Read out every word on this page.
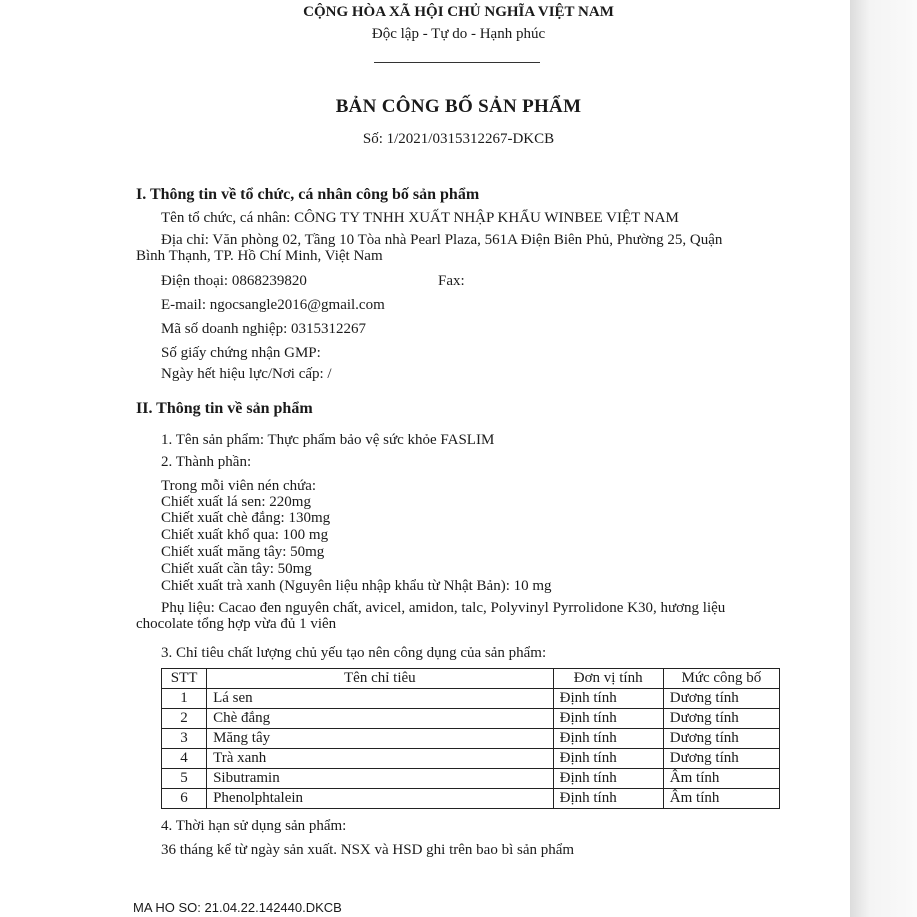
CỘNG HÒA XÃ HỘI CHỦ NGHĨA VIỆT NAM
Độc lập - Tự do - Hạnh phúc
BẢN CÔNG BỐ SẢN PHẨM
Số: 1/2021/0315312267-DKCB
I. Thông tin về tổ chức, cá nhân công bố sản phẩm
Tên tổ chức, cá nhân: CÔNG TY TNHH XUẤT NHẬP KHẨU WINBEE VIỆT NAM
Địa chỉ: Văn phòng 02, Tầng 10 Tòa nhà Pearl Plaza, 561A Điện Biên Phủ, Phường 25, Quận
Bình Thạnh, TP. Hồ Chí Minh, Việt Nam
Điện thoại: 0868239820	Fax:
E-mail: ngocsangle2016@gmail.com
Mã số doanh nghiệp: 0315312267
Số giấy chứng nhận GMP:
Ngày hết hiệu lực/Nơi cấp: /
II. Thông tin về sản phẩm
1. Tên sản phẩm: Thực phẩm bảo vệ sức khỏe FASLIM
2. Thành phần:
Trong mỗi viên nén chứa:
Chiết xuất lá sen: 220mg
Chiết xuất chè đắng: 130mg
Chiết xuất khổ qua: 100 mg
Chiết xuất măng tây: 50mg
Chiết xuất cần tây: 50mg
Chiết xuất trà xanh (Nguyên liệu nhập khẩu từ Nhật Bản): 10 mg
Phụ liệu: Cacao đen nguyên chất, avicel, amidon, talc, Polyvinyl Pyrrolidone K30, hương liệu
chocolate tổng hợp vừa đủ 1 viên
3. Chỉ tiêu chất lượng chủ yếu tạo nên công dụng của sản phẩm:
STT	Tên chỉ tiêu	Đơn vị tính	Mức công bố
1	Lá sen	Định tính	Dương tính
2	Chè đắng	Định tính	Dương tính
3	Măng tây	Định tính	Dương tính
4	Trà xanh	Định tính	Dương tính
5	Sibutramin	Định tính	Âm tính
6	Phenolphtalein	Định tính	Âm tính
4. Thời hạn sử dụng sản phẩm:
36 tháng kể từ ngày sản xuất. NSX và HSD ghi trên bao bì sản phẩm
MA HO SO: 21.04.22.142440.DKCB
